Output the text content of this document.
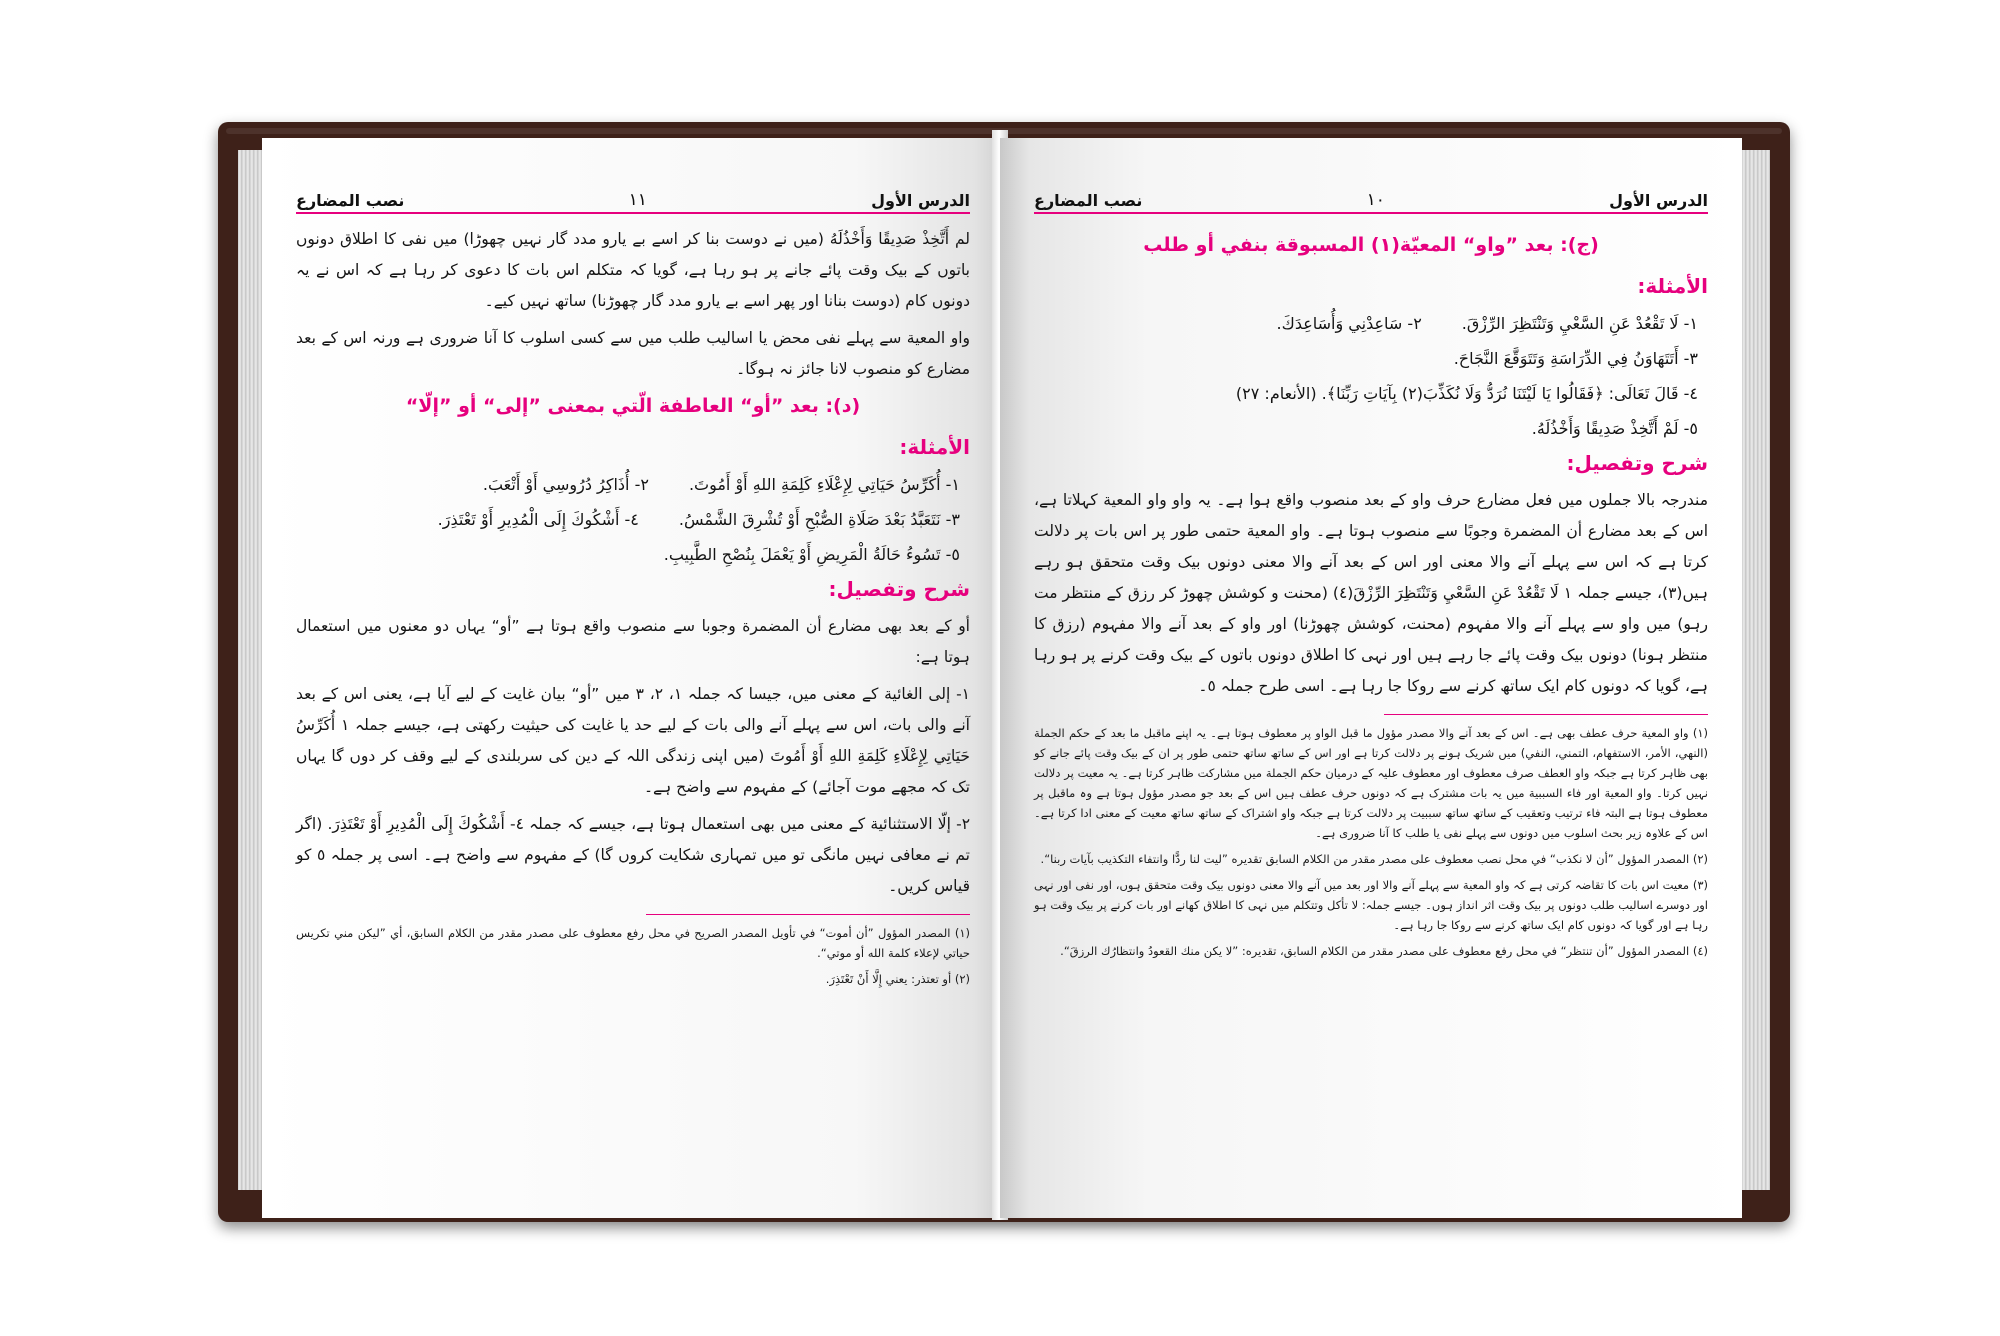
الدرس الأول
١١
نصب المضارع

لم أَتَّخِذْ صَدِيقًا وَأَخْذُلَهُ (میں نے دوست بنا کر اسے بے یارو مدد گار نہیں چھوڑا) میں نفی کا اطلاق دونوں باتوں کے بیک وقت پائے جانے پر ہو رہا ہے، گویا کہ متکلم اس بات کا دعوی کر رہا ہے کہ اس نے یہ دونوں کام (دوست بنانا اور پھر اسے بے یارو مدد گار چھوڑنا) ساتھ نہیں کیے۔

واو المعیة سے پہلے نفی محض یا اسالیب طلب میں سے کسی اسلوب کا آنا ضروری ہے ورنہ اس کے بعد مضارع کو منصوب لانا جائز نہ ہوگا۔

(د): بعد ”أو“ العاطفة الّتي بمعنى ”إلى“ أو ”إلّا“
الأمثلة:
١- أُكَرِّسُ حَيَاتِي لِإِعْلَاءِ كَلِمَةِ اللهِ أَوْ أَمُوتَ.
٢- أُذَاكِرُ دُرُوسِي أَوْ أَتْعَبَ.
٣- نَتَعَبَّدُ بَعْدَ صَلَاةِ الصُّبْحِ أَوْ تُشْرِقَ الشَّمْسُ.
٤- أَشْكُوكَ إِلَى الْمُدِيرِ أَوْ تَعْتَذِرَ.
٥- تَسُوءُ حَالَةُ الْمَرِيضِ أَوْ يَعْمَلَ بِنُصْحِ الطَّبِيبِ.
شرح وتفصیل:

أو کے بعد بھی مضارع أن المضمرة وجوبا سے منصوب واقع ہوتا ہے ”أو“ یہاں دو معنوں میں استعمال ہوتا ہے:

١- إلی الغائیة کے معنی میں، جیسا کہ جملہ ١، ٢، ٣ میں ”أو“ بیان غایت کے لیے آیا ہے، یعنی اس کے بعد آنے والی بات، اس سے پہلے آنے والی بات کے لیے حد یا غایت کی حیثیت رکھتی ہے، جیسے جملہ ١ أُكَرِّسُ حَيَاتِي لِإِعْلَاءِ كَلِمَةِ اللهِ أَوْ أَمُوتَ (میں اپنی زندگی اللہ کے دین کی سربلندی کے لیے وقف کر دوں گا یہاں تک کہ مجھے موت آجائے) کے مفہوم سے واضح ہے۔

٢- إلّا الاستثنائیة کے معنی میں بھی استعمال ہوتا ہے، جیسے کہ جملہ ٤- أَشْكُوكَ إِلَى الْمُدِيرِ أَوْ تَعْتَذِرَ. (اگر تم نے معافی نہیں مانگی تو میں تمہاری شکایت کروں گا) کے مفہوم سے واضح ہے۔ اسی پر جملہ ٥ کو قیاس کریں۔

(١) المصدر المؤول ”أن أموت“ في تأويل المصدر الصريح في محل رفع معطوف على مصدر مقدر من الكلام السابق، أي ”ليكن مني تكريس حياتي لإعلاء كلمة الله أو موتي“.

(٢) أو تعتذر: يعني إِلَّا أَنْ تَعْتَذِرَ.

الدرس الأول
١٠
نصب المضارع
(ج): بعد ”واو“ المعيّة(١) المسبوقة بنفي أو طلب
الأمثلة:
١- لَا تَقْعُدْ عَنِ السَّعْيِ وَتَنْتَظِرَ الرِّزْقَ.
٢- سَاعِدْنِي وَأُسَاعِدَكَ.
٣- أَتَتَهَاوَنُ فِي الدِّرَاسَةِ وَتَتَوَقَّعَ النَّجَاحَ.
٤- قَالَ تَعَالَى: ﴿فَقَالُوا يَا لَيْتَنَا نُرَدُّ وَلَا نُكَذِّبَ(٢) بِآيَاتِ رَبِّنَا﴾. (الأنعام: ٢٧)
٥- لَمْ أَتَّخِذْ صَدِيقًا وَأَخْذُلَهُ.
شرح وتفصیل:

مندرجہ بالا جملوں میں فعل مضارع حرف واو کے بعد منصوب واقع ہوا ہے۔ یہ واو واو المعیة کہلاتا ہے، اس کے بعد مضارع أن المضمرة وجوبًا سے منصوب ہوتا ہے۔ واو المعیة حتمی طور پر اس بات پر دلالت کرتا ہے کہ اس سے پہلے آنے والا معنی اور اس کے بعد آنے والا معنی دونوں بیک وقت متحقق ہو رہے ہیں(٣)، جیسے جملہ ١ لَا تَقْعُدْ عَنِ السَّعْيِ وَتَنْتَظِرَ الرِّزْقَ(٤) (محنت و کوشش چھوڑ کر رزق کے منتظر مت رہو) میں واو سے پہلے آنے والا مفہوم (محنت، کوشش چھوڑنا) اور واو کے بعد آنے والا مفہوم (رزق کا منتظر ہونا) دونوں بیک وقت پائے جا رہے ہیں اور نہی کا اطلاق دونوں باتوں کے بیک وقت کرنے پر ہو رہا ہے، گویا کہ دونوں کام ایک ساتھ کرنے سے روکا جا رہا ہے۔ اسی طرح جملہ ٥۔

(١) واو المعیة حرف عطف بھی ہے۔ اس کے بعد آنے والا مصدر مؤول ما قبل الواو پر معطوف ہوتا ہے۔ یہ اپنے ماقبل ما بعد کے حکم الجملة (النهي، الأمر، الاستفهام، التمني، النفي) میں شریک ہونے پر دلالت کرتا ہے اور اس کے ساتھ ساتھ حتمی طور پر ان کے بیک وقت پائے جانے کو بھی ظاہر کرتا ہے جبکہ واو العطف صرف معطوف اور معطوف علیہ کے درمیان حکم الجملة میں مشارکت ظاہر کرتا ہے۔ یہ معیت پر دلالت نہیں کرتا۔ واو المعیة اور فاء السببیة میں یہ بات مشترک ہے کہ دونوں حرف عطف ہیں اس کے بعد جو مصدر مؤول ہوتا ہے وہ ماقبل پر معطوف ہوتا ہے البتہ فاء ترتیب وتعقیب کے ساتھ ساتھ سببیت پر دلالت کرتا ہے جبکہ واو اشتراک کے ساتھ ساتھ معیت کے معنی ادا کرتا ہے۔ اس کے علاوہ زیر بحث اسلوب میں دونوں سے پہلے نفی یا طلب کا آنا ضروری ہے۔

(٢) المصدر المؤول ”أن لا نكذب“ في محل نصب معطوف على مصدر مقدر من الكلام السابق تقديره ”ليت لنا ردًّا وانتفاء التكذيب بآيات ربنا“.

(٣) معیت اس بات کا تقاضہ کرتی ہے کہ واو المعیة سے پہلے آنے والا اور بعد میں آنے والا معنی دونوں بیک وقت متحقق ہوں، اور نفی اور نہی اور دوسرے اسالیب طلب دونوں پر بیک وقت اثر انداز ہوں۔ جیسے جملہ: لا تأكل وتتكلم میں نہی کا اطلاق کھانے اور بات کرنے پر بیک وقت ہو رہا ہے اور گویا کہ دونوں کام ایک ساتھ کرنے سے روکا جا رہا ہے۔

(٤) المصدر المؤول ”أن تنتظر“ في محل رفع معطوف على مصدر مقدر من الكلام السابق، تقديره: ”لا يكن منك القعودُ وانتظارُك الرزقَ“.
